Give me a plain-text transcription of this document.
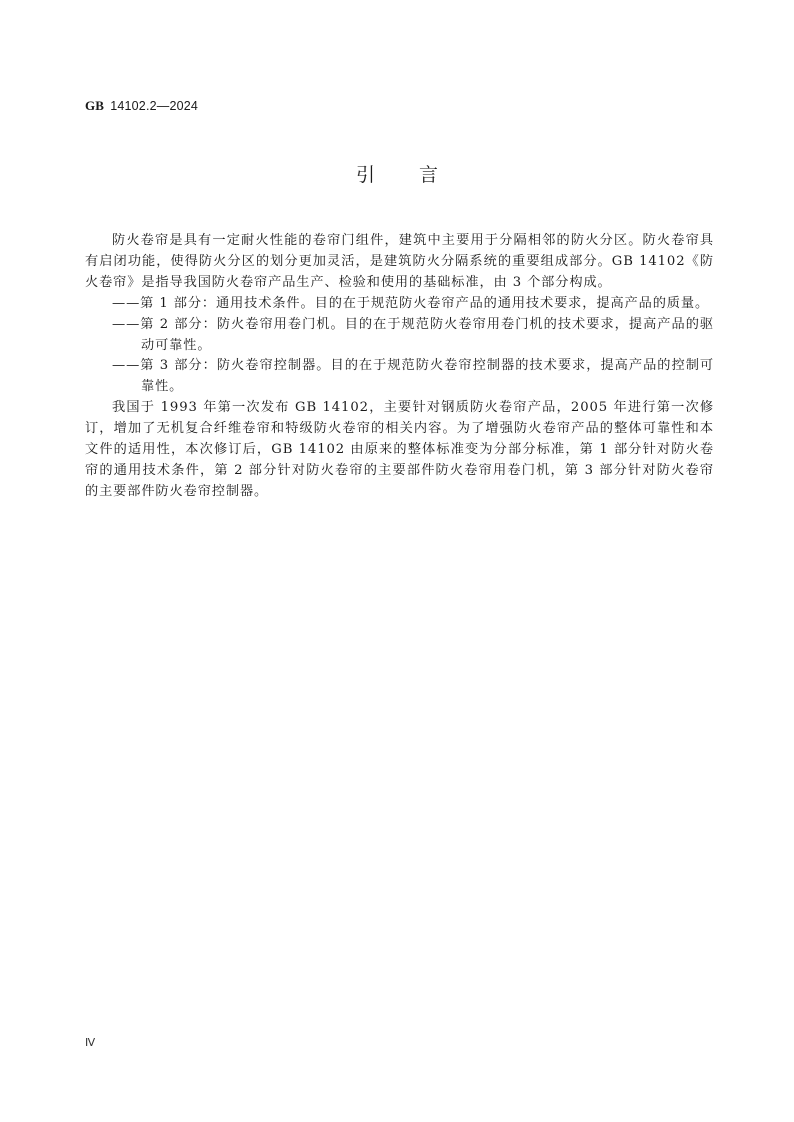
GB 14102.2—2024
引 言

防火卷帘是具有一定耐火性能的卷帘门组件，建筑中主要用于分隔相邻的防火分区。防火卷帘具有启闭功能，使得防火分区的划分更加灵活，是建筑防火分隔系统的重要组成部分。GB 14102《防火卷帘》是指导我国防火卷帘产品生产、检验和使用的基础标准，由 3 个部分构成。

——第 1 部分：通用技术条件。目的在于规范防火卷帘产品的通用技术要求，提高产品的质量。

——第 2 部分：防火卷帘用卷门机。目的在于规范防火卷帘用卷门机的技术要求，提高产品的驱动可靠性。

——第 3 部分：防火卷帘控制器。目的在于规范防火卷帘控制器的技术要求，提高产品的控制可靠性。

我国于 1993 年第一次发布 GB 14102，主要针对钢质防火卷帘产品，2005 年进行第一次修订，增加了无机复合纤维卷帘和特级防火卷帘的相关内容。为了增强防火卷帘产品的整体可靠性和本文件的适用性，本次修订后，GB 14102 由原来的整体标准变为分部分标准，第 1 部分针对防火卷帘的通用技术条件，第 2 部分针对防火卷帘的主要部件防火卷帘用卷门机，第 3 部分针对防火卷帘的主要部件防火卷帘控制器。

Ⅳ
